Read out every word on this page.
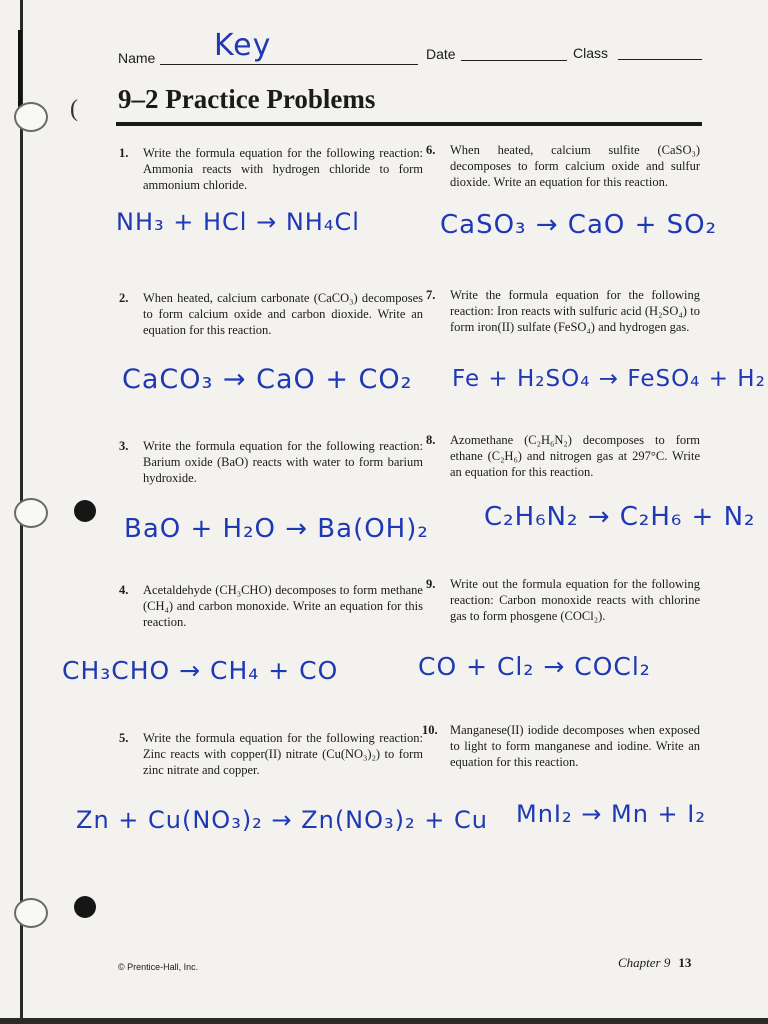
(
Name Key	Date	Class
9–2 Practice Problems
1. Write the formula equation for the following reaction: Ammonia reacts with hydrogen chloride to form ammonium chloride.
NH₃ + HCl → NH₄Cl
2. When heated, calcium carbonate (CaCO₃) decomposes to form calcium oxide and carbon dioxide. Write an equation for this reaction.
CaCO₃ → CaO + CO₂
3. Write the formula equation for the following reaction: Barium oxide (BaO) reacts with water to form barium hydroxide.
BaO + H₂O → Ba(OH)₂
4. Acetaldehyde (CH₃CHO) decomposes to form methane (CH₄) and carbon monoxide. Write an equation for this reaction.
CH₃CHO → CH₄ + CO
5. Write the formula equation for the following reaction: Zinc reacts with copper(II) nitrate (Cu(NO₃)₂) to form zinc nitrate and copper.
Zn + Cu(NO₃)₂ → Zn(NO₃)₂ + Cu
6. When heated, calcium sulfite (CaSO₃) decomposes to form calcium oxide and sulfur dioxide. Write an equation for this reaction.
CaSO₃ → CaO + SO₂
7. Write the formula equation for the following reaction: Iron reacts with sulfuric acid (H₂SO₄) to form iron(II) sulfate (FeSO₄) and hydrogen gas.
Fe + H₂SO₄ → FeSO₄ + H₂
8. Azomethane (C₂H₆N₂) decomposes to form ethane (C₂H₆) and nitrogen gas at 297°C. Write an equation for this reaction.
C₂H₆N₂ → C₂H₆ + N₂
9. Write out the formula equation for the following reaction: Carbon monoxide reacts with chlorine gas to form phosgene (COCl₂).
CO + Cl₂ → COCl₂
10. Manganese(II) iodide decomposes when exposed to light to form manganese and iodine. Write an equation for this reaction.
MnI₂ → Mn + I₂
© Prentice-Hall, Inc.	Chapter 9 13
